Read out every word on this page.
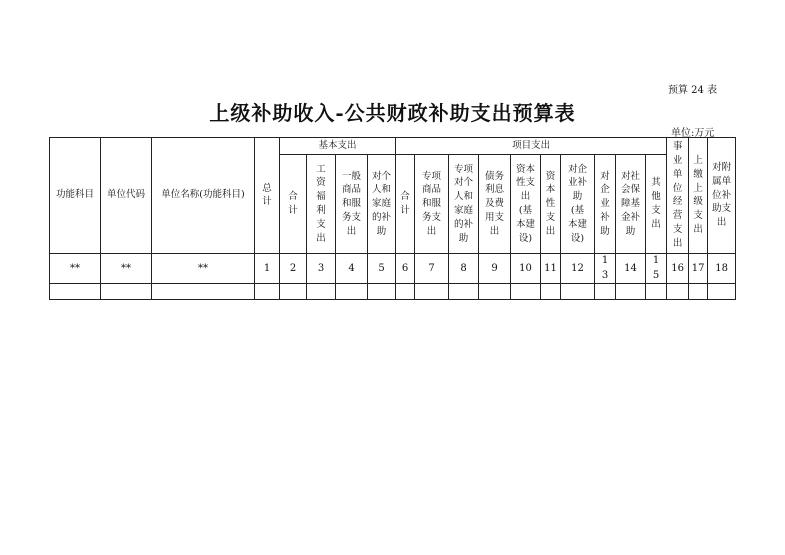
预算 24 表
上级补助收入-公共财政补助支出预算表
单位:万元
功能科目	单位代码	单位名称(功能科目)	总计	基本支出				项目支出										事业单位经营支出	上缴上级支出	对附属单位补助支出
				合计	工资福利支出	一般商品和服务支出	对个人和家庭的补助	合计	专项商品和服务支出	专项对个人和家庭的补助	债务利息及费用支出	资本性支出(基本建设)	资本性支出	对企业补助(基本建设)	对企业补助	对社会保障基金补助	其他支出			
**	**	**	1	2	3	4	5	6	7	8	9	10	11	12	13	14	15	16	17	18
